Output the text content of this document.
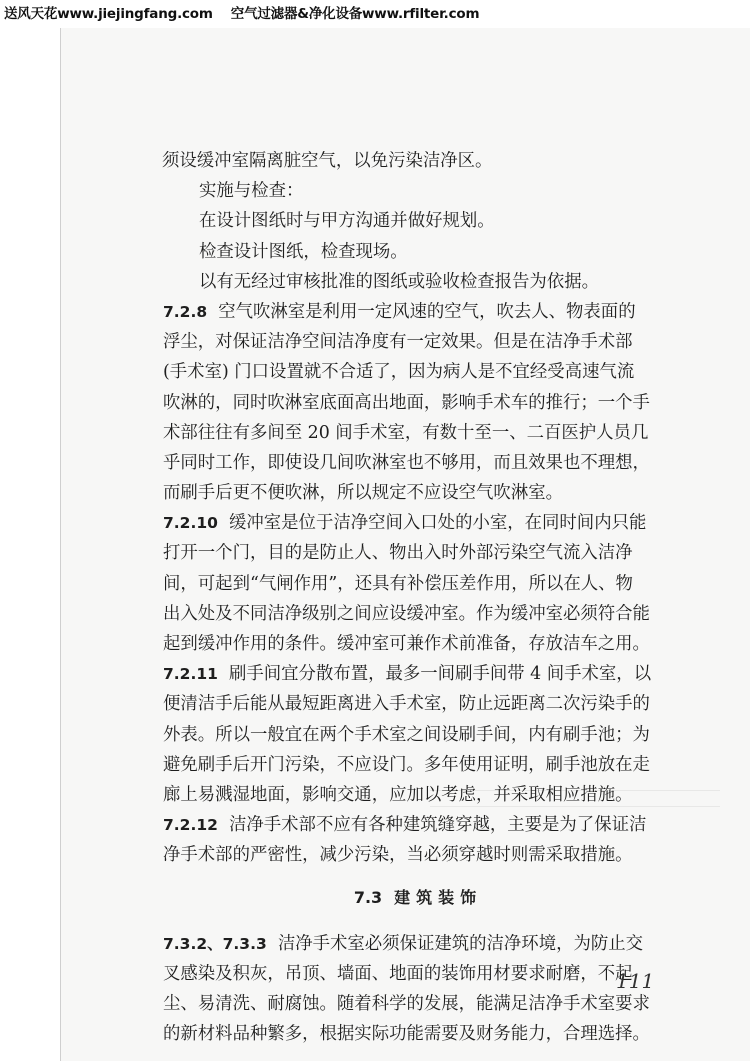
送风天花www.jiejingfang.com 空气过滤器&净化设备www.rfilter.com
须设缓冲室隔离脏空气，以免污染洁净区。
实施与检查：
在设计图纸时与甲方沟通并做好规划。
检查设计图纸，检查现场。
以有无经过审核批准的图纸或验收检查报告为依据。
7.2.8 空气吹淋室是利用一定风速的空气，吹去人、物表面的
浮尘，对保证洁净空间洁净度有一定效果。但是在洁净手术部
(手术室) 门口设置就不合适了，因为病人是不宜经受高速气流
吹淋的，同时吹淋室底面高出地面，影响手术车的推行；一个手
术部往往有多间至 20 间手术室，有数十至一、二百医护人员几
乎同时工作，即使设几间吹淋室也不够用，而且效果也不理想，
而刷手后更不便吹淋，所以规定不应设空气吹淋室。
7.2.10 缓冲室是位于洁净空间入口处的小室，在同时间内只能
打开一个门，目的是防止人、物出入时外部污染空气流入洁净
间，可起到“气闸作用”，还具有补偿压差作用，所以在人、物
出入处及不同洁净级别之间应设缓冲室。作为缓冲室必须符合能
起到缓冲作用的条件。缓冲室可兼作术前准备，存放洁车之用。
7.2.11 刷手间宜分散布置，最多一间刷手间带 4 间手术室，以
便清洁手后能从最短距离进入手术室，防止远距离二次污染手的
外表。所以一般宜在两个手术室之间设刷手间，内有刷手池；为
避免刷手后开门污染，不应设门。多年使用证明，刷手池放在走
廊上易溅湿地面，影响交通，应加以考虑，并采取相应措施。
7.2.12 洁净手术部不应有各种建筑缝穿越，主要是为了保证洁
净手术部的严密性，减少污染，当必须穿越时则需采取措施。
7.3 建筑装饰
7.3.2、7.3.3 洁净手术室必须保证建筑的洁净环境，为防止交
叉感染及积灰，吊顶、墙面、地面的装饰用材要求耐磨，不起
尘、易清洗、耐腐蚀。随着科学的发展，能满足洁净手术室要求
的新材料品种繁多，根据实际功能需要及财务能力，合理选择。
111
